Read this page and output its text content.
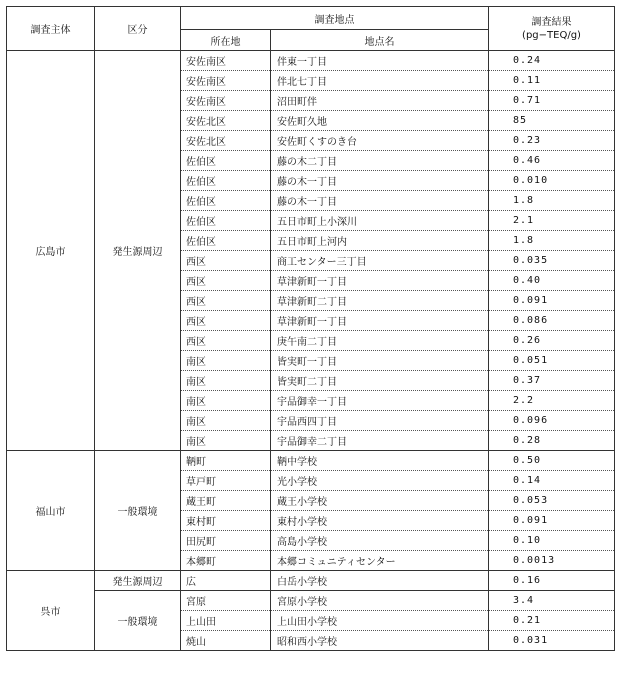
調査主体	区分	調査地点		調査結果
(pg−TEQ/g)

		所在地	地点名	
広島市	発生源周辺	安佐南区	伴東一丁目	0.24
		安佐南区	伴北七丁目	0.11
		安佐南区	沼田町伴	0.71
		安佐北区	安佐町久地	85
		安佐北区	安佐町くすのき台	0.23
		佐伯区	藤の木二丁目	0.46
		佐伯区	藤の木一丁目	0.010
		佐伯区	藤の木一丁目	1.8
		佐伯区	五日市町上小深川	2.1
		佐伯区	五日市町上河内	1.8
		西区	商工センター三丁目	0.035
		西区	草津新町一丁目	0.40
		西区	草津新町二丁目	0.091
		西区	草津新町一丁目	0.086
		西区	庚午南二丁目	0.26
		南区	皆実町一丁目	0.051
		南区	皆実町二丁目	0.37
		南区	宇品御幸一丁目	2.2
		南区	宇品西四丁目	0.096
		南区	宇品御幸二丁目	0.28
福山市	一般環境	鞆町	鞆中学校	0.50
		草戸町	光小学校	0.14
		蔵王町	蔵王小学校	0.053
		東村町	東村小学校	0.091
		田尻町	高島小学校	0.10
		本郷町	本郷コミュニティセンター	0.0013
呉市	発生源周辺	広	白岳小学校	0.16
	一般環境	宮原	宮原小学校	3.4
		上山田	上山田小学校	0.21
		焼山	昭和西小学校	0.031
